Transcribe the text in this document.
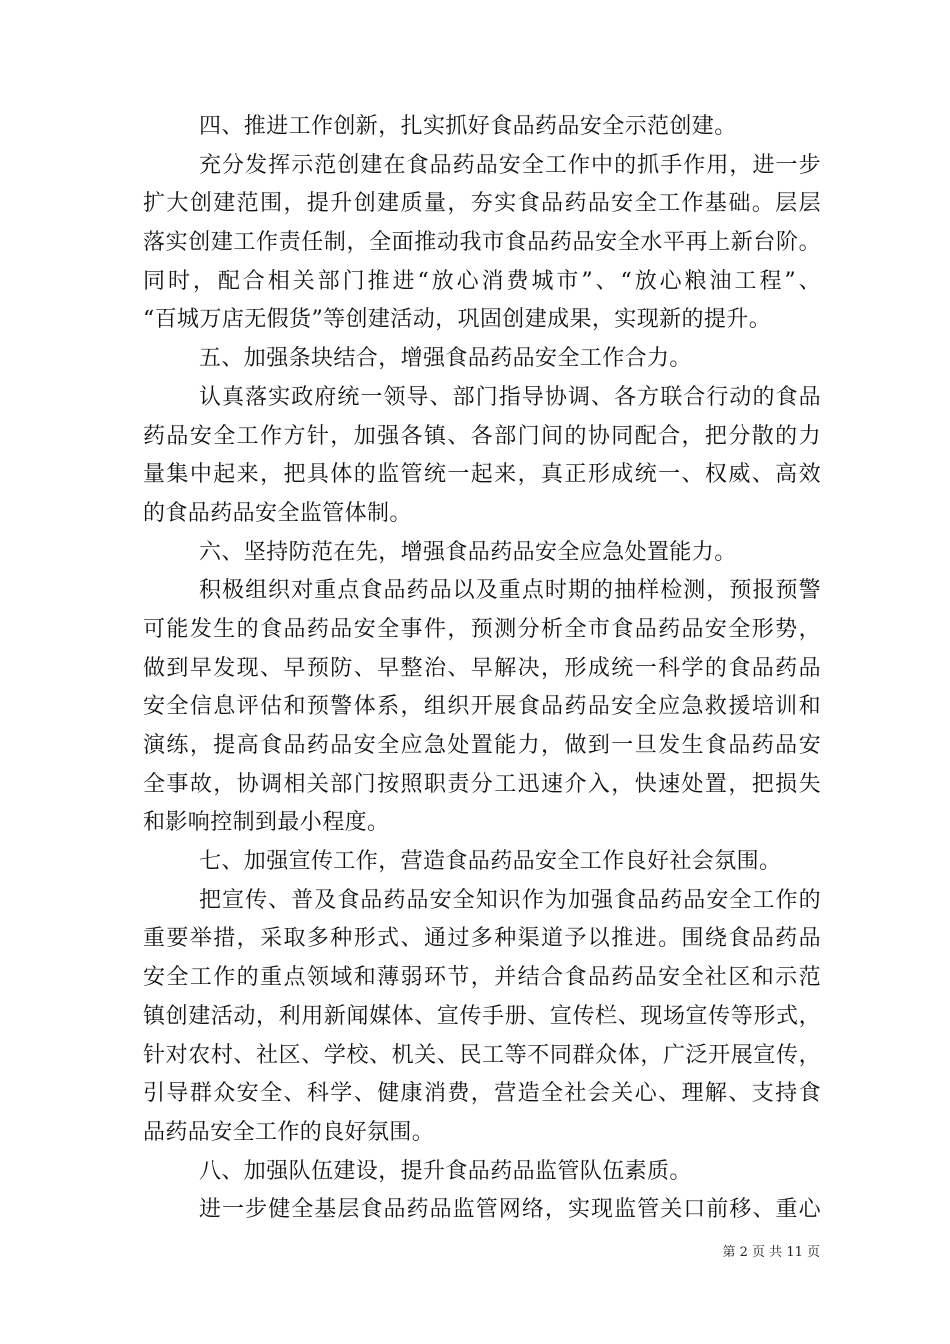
四、推进工作创新，扎实抓好食品药品安全示范创建。
充分发挥示范创建在食品药品安全工作中的抓手作用，进一步
扩大创建范围，提升创建质量，夯实食品药品安全工作基础。层层
落实创建工作责任制，全面推动我市食品药品安全水平再上新台阶。
同时，配合相关部门推进“放心消费城市”、“放心粮油工程”、
“百城万店无假货”等创建活动，巩固创建成果，实现新的提升。
五、加强条块结合，增强食品药品安全工作合力。
认真落实政府统一领导、部门指导协调、各方联合行动的食品
药品安全工作方针，加强各镇、各部门间的协同配合，把分散的力
量集中起来，把具体的监管统一起来，真正形成统一、权威、高效
的食品药品安全监管体制。
六、坚持防范在先，增强食品药品安全应急处置能力。
积极组织对重点食品药品以及重点时期的抽样检测，预报预警
可能发生的食品药品安全事件，预测分析全市食品药品安全形势，
做到早发现、早预防、早整治、早解决，形成统一科学的食品药品
安全信息评估和预警体系，组织开展食品药品安全应急救援培训和
演练，提高食品药品安全应急处置能力，做到一旦发生食品药品安
全事故，协调相关部门按照职责分工迅速介入，快速处置，把损失
和影响控制到最小程度。
七、加强宣传工作，营造食品药品安全工作良好社会氛围。
把宣传、普及食品药品安全知识作为加强食品药品安全工作的
重要举措，采取多种形式、通过多种渠道予以推进。围绕食品药品
安全工作的重点领域和薄弱环节，并结合食品药品安全社区和示范
镇创建活动，利用新闻媒体、宣传手册、宣传栏、现场宣传等形式，
针对农村、社区、学校、机关、民工等不同群众体，广泛开展宣传，
引导群众安全、科学、健康消费，营造全社会关心、理解、支持食
品药品安全工作的良好氛围。
八、加强队伍建设，提升食品药品监管队伍素质。
进一步健全基层食品药品监管网络，实现监管关口前移、重心
第 2 页 共 11 页
